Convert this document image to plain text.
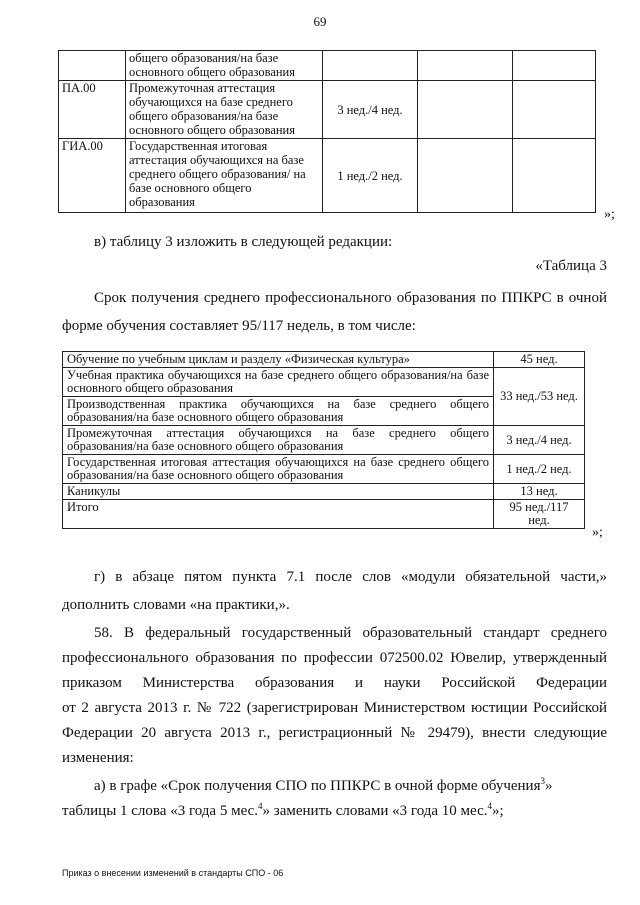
69
	общего образования/на базе основного общего образования			
ПА.00	Промежуточная аттестация обучающихся на базе среднего общего образования/на базе основного общего образования	3 нед./4 нед.		
ГИА.00	Государственная итоговая аттестация обучающихся на базе среднего общего образования/ на базе основного общего образования	1 нед./2 нед.		
»;

в) таблицу 3 изложить в следующей редакции:

«Таблица 3

Срок получения среднего профессионального образования по ППКРС в очной

форме обучения составляет 95/117 недель, в том числе:

Обучение по учебным циклам и разделу «Физическая культура»	45 нед.
Учебная практика обучающихся на базе среднего общего образования/на базе основного общего образования	33 нед./53 нед.
Производственная практика обучающихся на базе среднего общего образования/на базе основного общего образования	
Промежуточная аттестация обучающихся на базе среднего общего образования/на базе основного общего образования	3 нед./4 нед.
Государственная итоговая аттестация обучающихся на базе среднего общего образования/на базе основного общего образования	1 нед./2 нед.
Каникулы	13 нед.
Итого	95 нед./117 нед.
»;

г) в абзаце пятом пункта 7.1 после слов «модули обязательной части,»

дополнить словами «на практики,».

58. В федеральный государственный образовательный стандарт среднего

профессионального образования по профессии 072500.02 Ювелир, утвержденный

приказом Министерства образования и науки Российской Федерации

от 2 августа 2013 г. № 722 (зарегистрирован Министерством юстиции Российской

Федерации 20 августа 2013 г., регистрационный № 29479), внести следующие

изменения:

а) в графе «Срок получения СПО по ППКРС в очной форме обучения$^3$»

таблицы 1 слова «3 года 5 мес.$^4$» заменить словами «3 года 10 мес.$^4$»;

Приказ о внесении изменений в стандарты СПО - 06
